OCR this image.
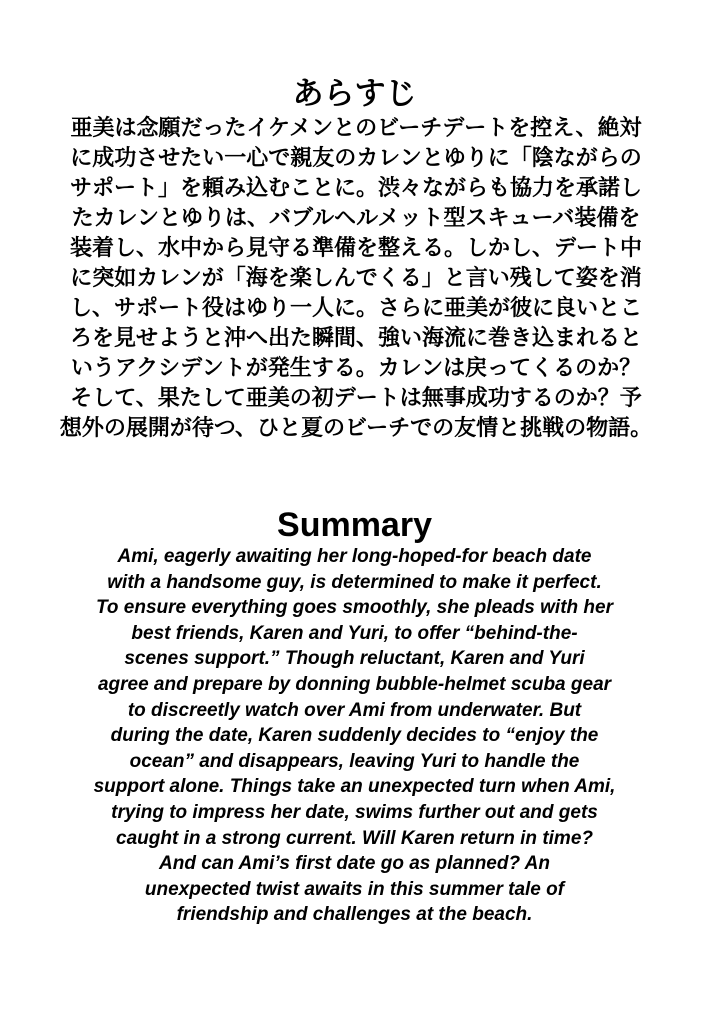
あらすじ
亜美は念願だったイケメンとのビーチデートを控え、絶対
に成功させたい一心で親友のカレンとゆりに「陰ながらの
サポート」を頼み込むことに。渋々ながらも協力を承諾し
たカレンとゆりは、バブルヘルメット型スキューバ装備を
装着し、水中から見守る準備を整える。しかし、デート中
に突如カレンが「海を楽しんでくる」と言い残して姿を消
し、サポート役はゆり一人に。さらに亜美が彼に良いとこ
ろを見せようと沖へ出た瞬間、強い海流に巻き込まれると
いうアクシデントが発生する。カレンは戻ってくるのか？
そして、果たして亜美の初デートは無事成功するのか？予
想外の展開が待つ、ひと夏のビーチでの友情と挑戦の物語。
Summary
Ami, eagerly awaiting her long-hoped-for beach date
with a handsome guy, is determined to make it perfect.
To ensure everything goes smoothly, she pleads with her
best friends, Karen and Yuri, to offer “behind-the-
scenes support.” Though reluctant, Karen and Yuri
agree and prepare by donning bubble-helmet scuba gear
to discreetly watch over Ami from underwater. But
during the date, Karen suddenly decides to “enjoy the
ocean” and disappears, leaving Yuri to handle the
support alone. Things take an unexpected turn when Ami,
trying to impress her date, swims further out and gets
caught in a strong current. Will Karen return in time?
And can Ami’s first date go as planned? An
unexpected twist awaits in this summer tale of
friendship and challenges at the beach.
